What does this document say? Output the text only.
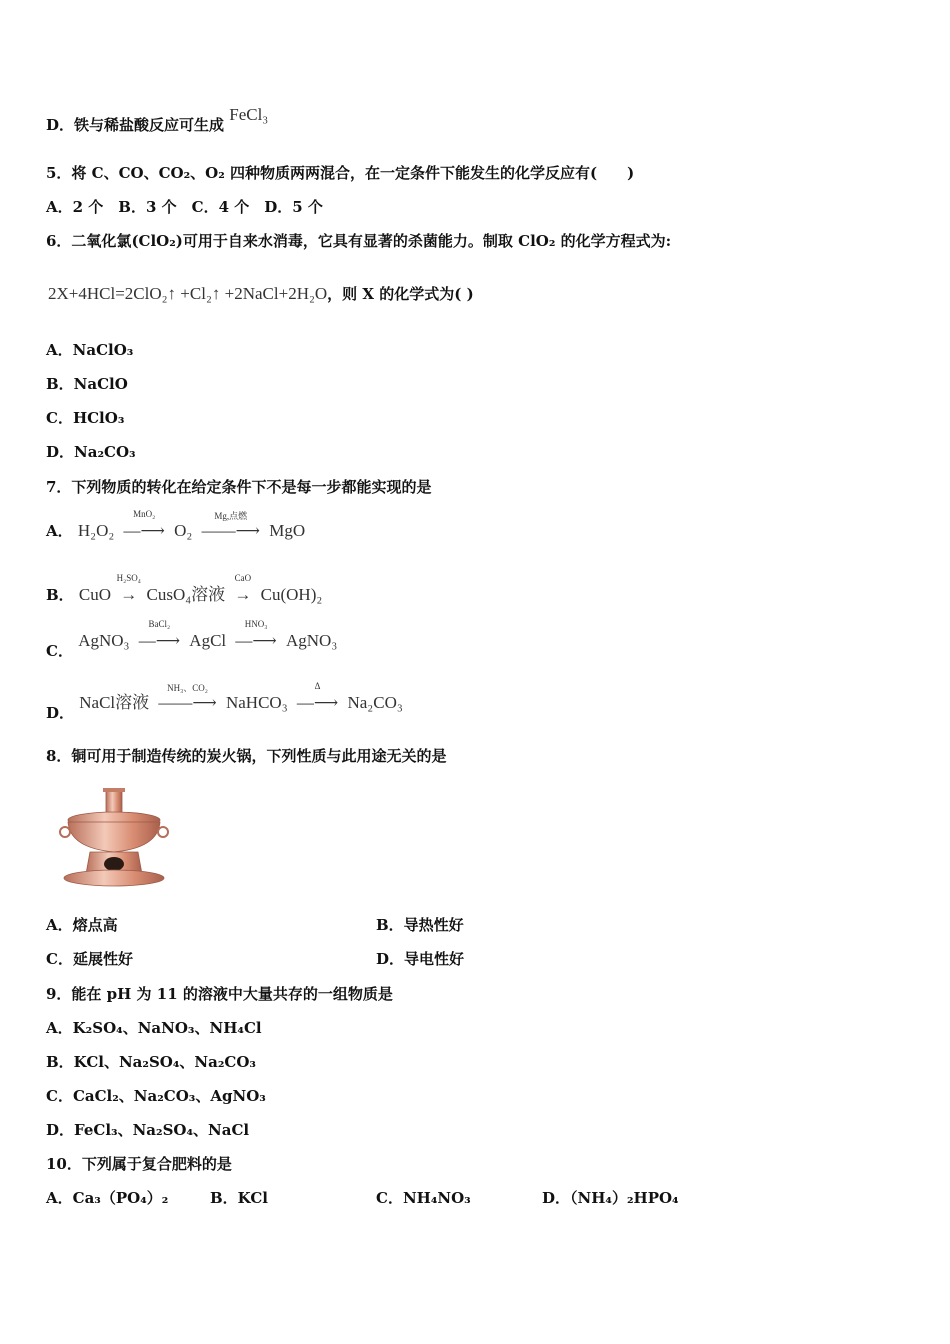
D．铁与稀盐酸反应可生成 FeCl₃
5．将 C、CO、CO₂、O₂ 四种物质两两混合，在一定条件下能发生的化学反应有(　　)
A．2 个　B．3 个　C．4 个　D．5 个
6．二氧化氯(ClO₂)可用于自来水消毒，它具有显著的杀菌能力。制取 ClO₂ 的化学方程式为:
2X+4HCl=2ClO₂↑ +Cl₂↑ +2NaCl+2H₂O，则 X 的化学式为( )
A．NaClO₃
B．NaClO
C．HClO₃
D．Na₂CO₃
7．下列物质的转化在给定条件下不是每一步都能实现的是
A． H₂O₂
MnO₂
—⟶ O₂
Mg,点燃
——⟶ MgO
B． CuO
H₂SO₄
→ CusO₄溶液
CaO
→ Cu(OH)₂
C． AgNO₃
BaCl₂
—⟶ AgCl
HNO₃
—⟶ AgNO₃
D． NaCl溶液
NH₃、CO₂
——⟶ NaHCO₃
Δ
—⟶ Na₂CO₃
8．铜可用于制造传统的炭火锅，下列性质与此用途无关的是
A．熔点高	B．导热性好
C．延展性好	D．导电性好
9．能在 pH 为 11 的溶液中大量共存的一组物质是
A．K₂SO₄、NaNO₃、NH₄Cl
B．KCl、Na₂SO₄、Na₂CO₃
C．CaCl₂、Na₂CO₃、AgNO₃
D．FeCl₃、Na₂SO₄、NaCl
10．下列属于复合肥料的是
A．Ca₃（PO₄）₂	B．KCl	C．NH₄NO₃	D．（NH₄）₂HPO₄
